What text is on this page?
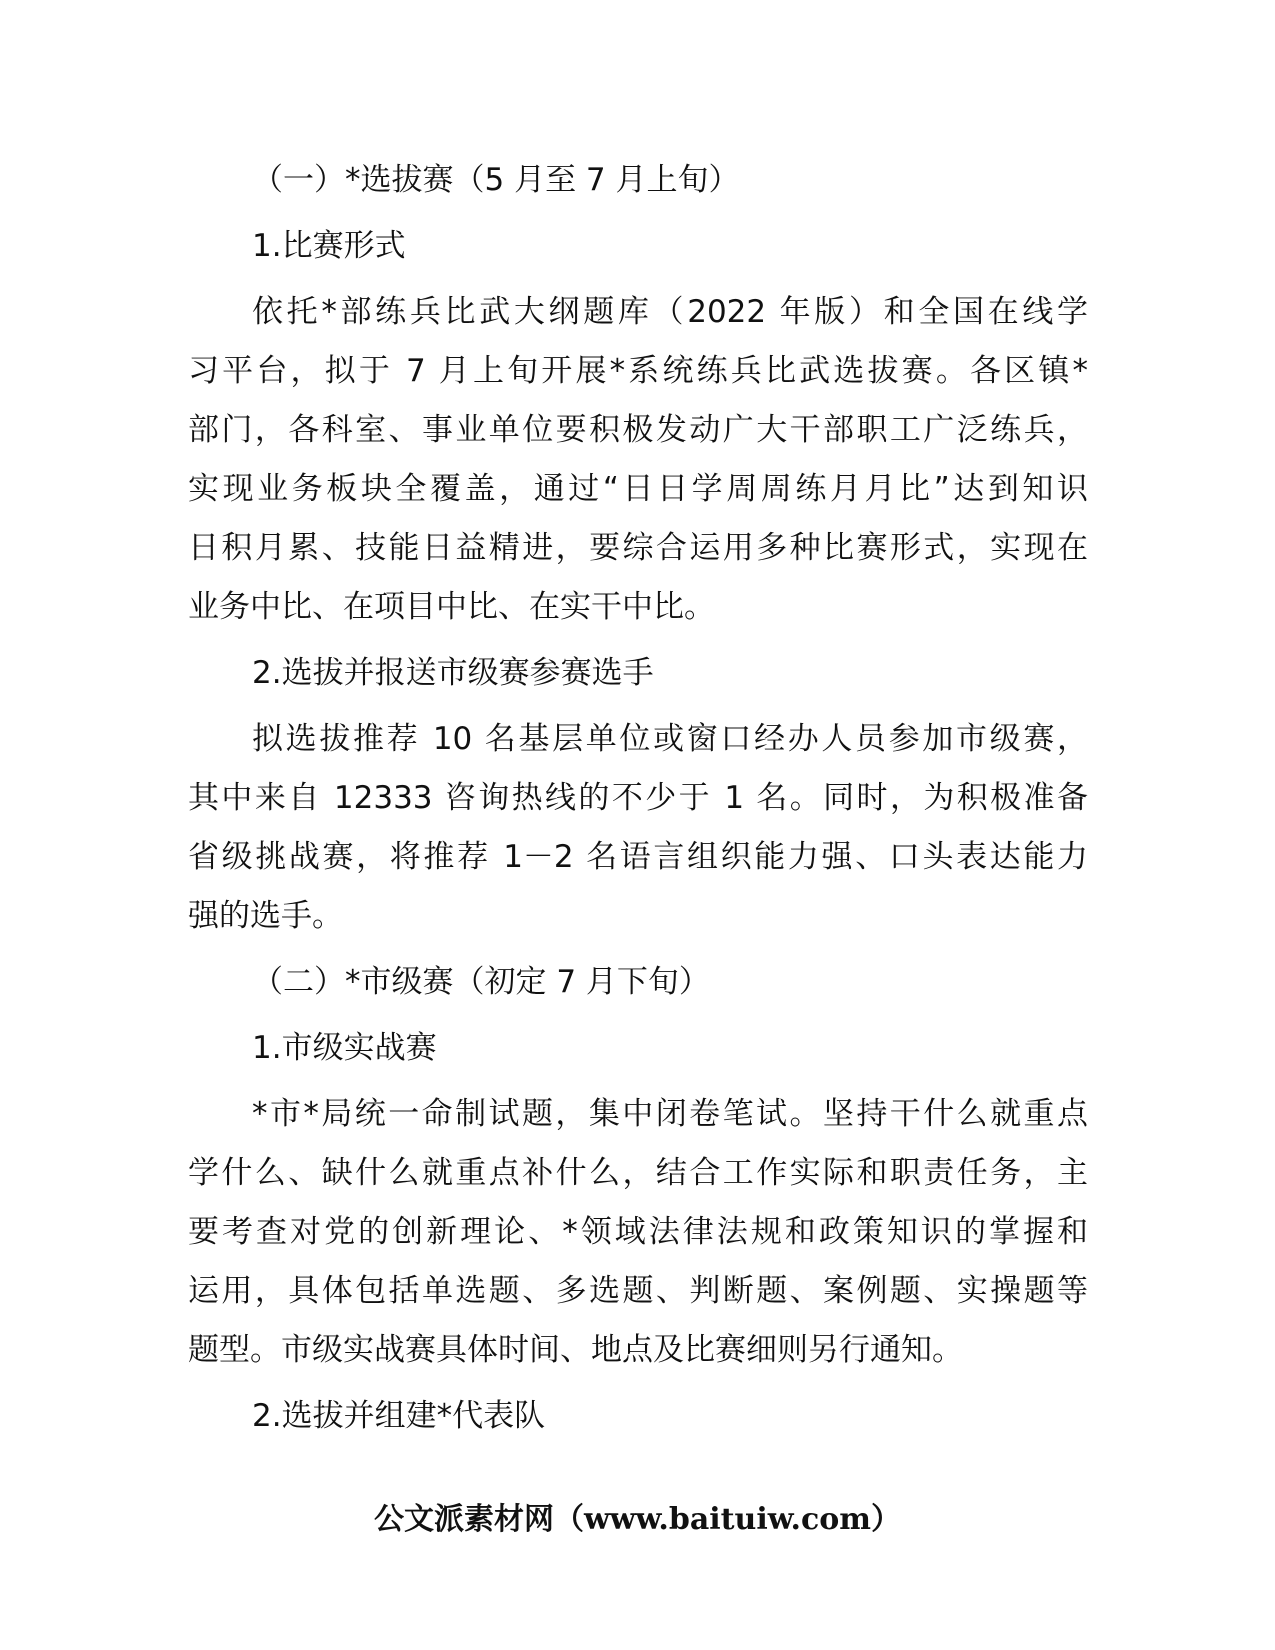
（一）*选拔赛（5 月至 7 月上旬）
1.比赛形式
依托*部练兵比武大纲题库（2022 年版）和全国在线学
习平台，拟于 7 月上旬开展*系统练兵比武选拔赛。各区镇*
部门，各科室、事业单位要积极发动广大干部职工广泛练兵，
实现业务板块全覆盖，通过“日日学周周练月月比”达到知识
日积月累、技能日益精进，要综合运用多种比赛形式，实现在
业务中比、在项目中比、在实干中比。
2.选拔并报送市级赛参赛选手
拟选拔推荐 10 名基层单位或窗口经办人员参加市级赛，
其中来自 12333 咨询热线的不少于 1 名。同时，为积极准备
省级挑战赛，将推荐 1－2 名语言组织能力强、口头表达能力
强的选手。
（二）*市级赛（初定 7 月下旬）
1.市级实战赛
*市*局统一命制试题，集中闭卷笔试。坚持干什么就重点
学什么、缺什么就重点补什么，结合工作实际和职责任务，主
要考查对党的创新理论、*领域法律法规和政策知识的掌握和
运用，具体包括单选题、多选题、判断题、案例题、实操题等
题型。市级实战赛具体时间、地点及比赛细则另行通知。
2.选拔并组建*代表队
公文派素材网（www.baituiw.com）
